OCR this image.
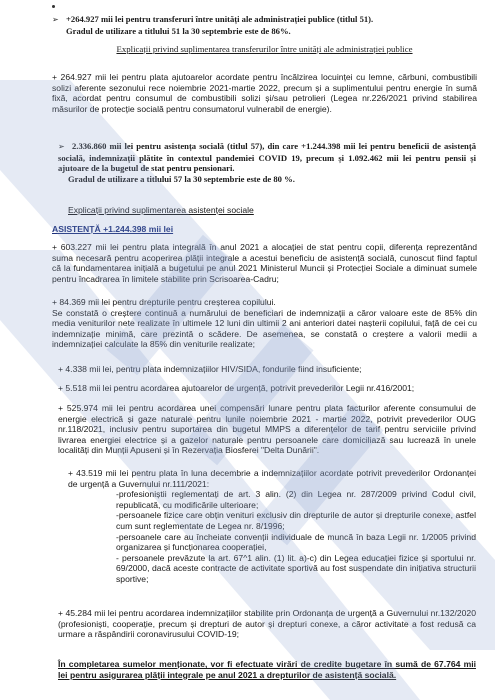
➢ +264.927 mii lei pentru transferuri între unități ale administrației publice (titlul 51).
Gradul de utilizare a titlului 51 la 30 septembrie este de 86%.

Explicații privind suplimentarea transferurilor între unități ale administrației publice

+ 264.927 mii lei pentru plata ajutoarelor acordate pentru încălzirea locuinței cu lemne, cărbuni, combustibili solizi aferente sezonului rece noiembrie 2021-martie 2022, precum și a suplimentului pentru energie în sumă fixă, acordat pentru consumul de combustibili solizi și/sau petrolieri (Legea nr.226/2021 privind stabilirea măsurilor de protecție socială pentru consumatorul vulnerabil de energie).

➢ 2.336.860 mii lei pentru asistența socială (titlul 57), din care +1.244.398 mii lei pentru beneficii de asistență socială, indemnizații plătite în contextul pandemiei COVID 19, precum și 1.092.462 mii lei pentru pensii și ajutoare de la bugetul de stat pentru pensionari.
Gradul de utilizare a titlului 57 la 30 septembrie este de 80 %.

Explicații privind suplimentarea asistenței sociale

ASISTENȚĂ +1.244.398 mii lei

+ 603.227 mii lei pentru plata integrală în anul 2021 a alocației de stat pentru copii, diferența reprezentând suma necesară pentru acoperirea plății integrale a acestui beneficiu de asistență socială, cunoscut fiind faptul că la fundamentarea inițială a bugetului pe anul 2021 Ministerul Muncii și Protecției Sociale a diminuat sumele pentru încadrarea în limitele stabilite prin Scrisoarea-Cadru;

+ 84.369 mii lei pentru drepturile pentru creșterea copilului.
Se constată o creștere continuă a numărului de beneficiari de indemnizații a căror valoare este de 85% din media veniturilor nete realizate în ultimele 12 luni din ultimii 2 ani anteriori datei nașterii copilului, față de cei cu indemnizație minimă, care prezintă o scădere. De asemenea, se constată o creștere a valorii medii a indemnizației calculate la 85% din veniturile realizate;

+ 4.338 mii lei, pentru plata indemnizațiilor HIV/SIDA, fondurile fiind insuficiente;

+ 5.518 mii lei pentru acordarea ajutoarelor de urgență, potrivit prevederilor Legii nr.416/2001;

+ 525.974 mii lei pentru acordarea unei compensări lunare pentru plata facturilor aferente consumului de energie electrică și gaze naturale pentru lunile noiembrie 2021 - martie 2022, potrivit prevederilor OUG nr.118/2021, inclusiv pentru suportarea din bugetul MMPS a diferențelor de tarif pentru serviciile privind livrarea energiei electrice și a gazelor naturale pentru persoanele care domiciliază sau lucrează în unele localități din Munții Apuseni și în Rezervația Biosferei "Delta Dunării".

+ 43.519 mii lei pentru plata în luna decembrie a indemnizațiilor acordate potrivit prevederilor Ordonanței de urgență a Guvernului nr.111/2021:
-profesioniștii reglementați de art. 3 alin. (2) din Legea nr. 287/2009 privind Codul civil, republicată, cu modificările ulterioare;
-persoanele fizice care obțin venituri exclusiv din drepturile de autor și drepturile conexe, astfel cum sunt reglementate de Legea nr. 8/1996;
-persoanele care au încheiate convenții individuale de muncă în baza Legii nr. 1/2005 privind organizarea și funcționarea cooperației,
- persoanele prevăzute la art. 67^1 alin. (1) lit. a)-c) din Legea educației fizice și sportului nr. 69/2000, dacă aceste contracte de activitate sportivă au fost suspendate din inițiativa structurii sportive;

+ 45.284 mii lei pentru acordarea indemnizațiilor stabilite prin Ordonanța de urgență a Guvernului nr.132/2020 (profesioniști, cooperație, precum și drepturi de autor și drepturi conexe, a căror activitate a fost redusă ca urmare a răspândirii coronavirusului COVID-19;

În completarea sumelor menționate, vor fi efectuate virări de credite bugetare în sumă de 67.764 mii lei pentru asigurarea plății integrale pe anul 2021 a drepturilor de asistență socială.
